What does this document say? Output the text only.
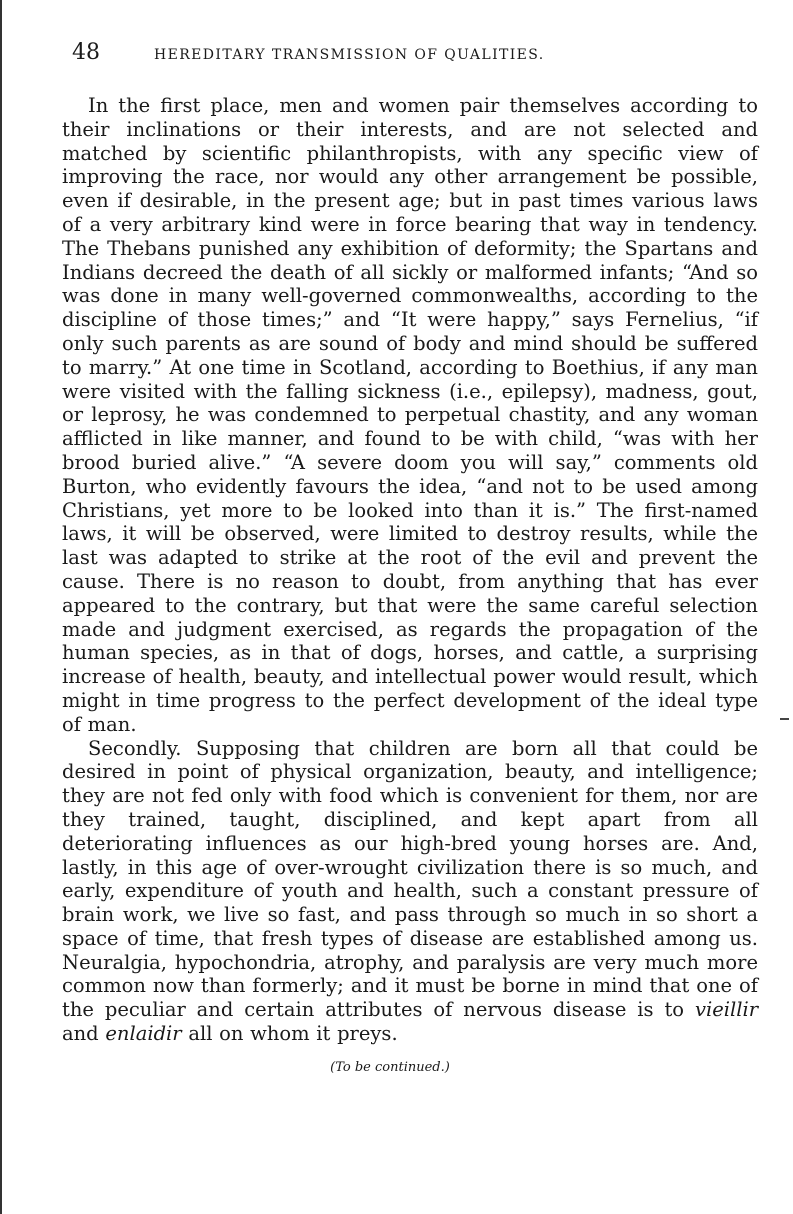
48	HEREDITARY TRANSMISSION OF QUALITIES.

In the first place, men and women pair themselves according to their inclinations or their interests, and are not selected and matched by scientific philanthropists, with any specific view of improving the race, nor would any other arrangement be possible, even if desirable, in the present age; but in past times various laws of a very arbitrary kind were in force bearing that way in tendency. The Thebans punished any exhibition of deformity; the Spartans and Indians decreed the death of all sickly or malformed infants; “And so was done in many well-governed commonwealths, according to the discipline of those times;” and “It were happy,” says Fernelius, “if only such parents as are sound of body and mind should be suffered to marry.” At one time in Scotland, according to Boethius, if any man were visited with the falling sickness (i.e., epilepsy), madness, gout, or leprosy, he was condemned to perpetual chastity, and any woman afflicted in like manner, and found to be with child, “was with her brood buried alive.” “A severe doom you will say,” comments old Burton, who evidently favours the idea, “and not to be used among Christians, yet more to be looked into than it is.” The first-named laws, it will be observed, were limited to destroy results, while the last was adapted to strike at the root of the evil and prevent the cause. There is no reason to doubt, from anything that has ever appeared to the contrary, but that were the same careful selection made and judgment exercised, as regards the propagation of the human species, as in that of dogs, horses, and cattle, a surprising increase of health, beauty, and intellectual power would result, which might in time progress to the perfect development of the ideal type of man.

Secondly. Supposing that children are born all that could be desired in point of physical organization, beauty, and intelligence; they are not fed only with food which is convenient for them, nor are they trained, taught, disciplined, and kept apart from all deteriorating influences as our high-bred young horses are. And, lastly, in this age of over-wrought civilization there is so much, and early, expenditure of youth and health, such a constant pressure of brain work, we live so fast, and pass through so much in so short a space of time, that fresh types of disease are established among us. Neuralgia, hypochondria, atrophy, and paralysis are very much more common now than formerly; and it must be borne in mind that one of the peculiar and certain attributes of nervous disease is to vieillir and enlaidir all on whom it preys.

(To be continued.)
